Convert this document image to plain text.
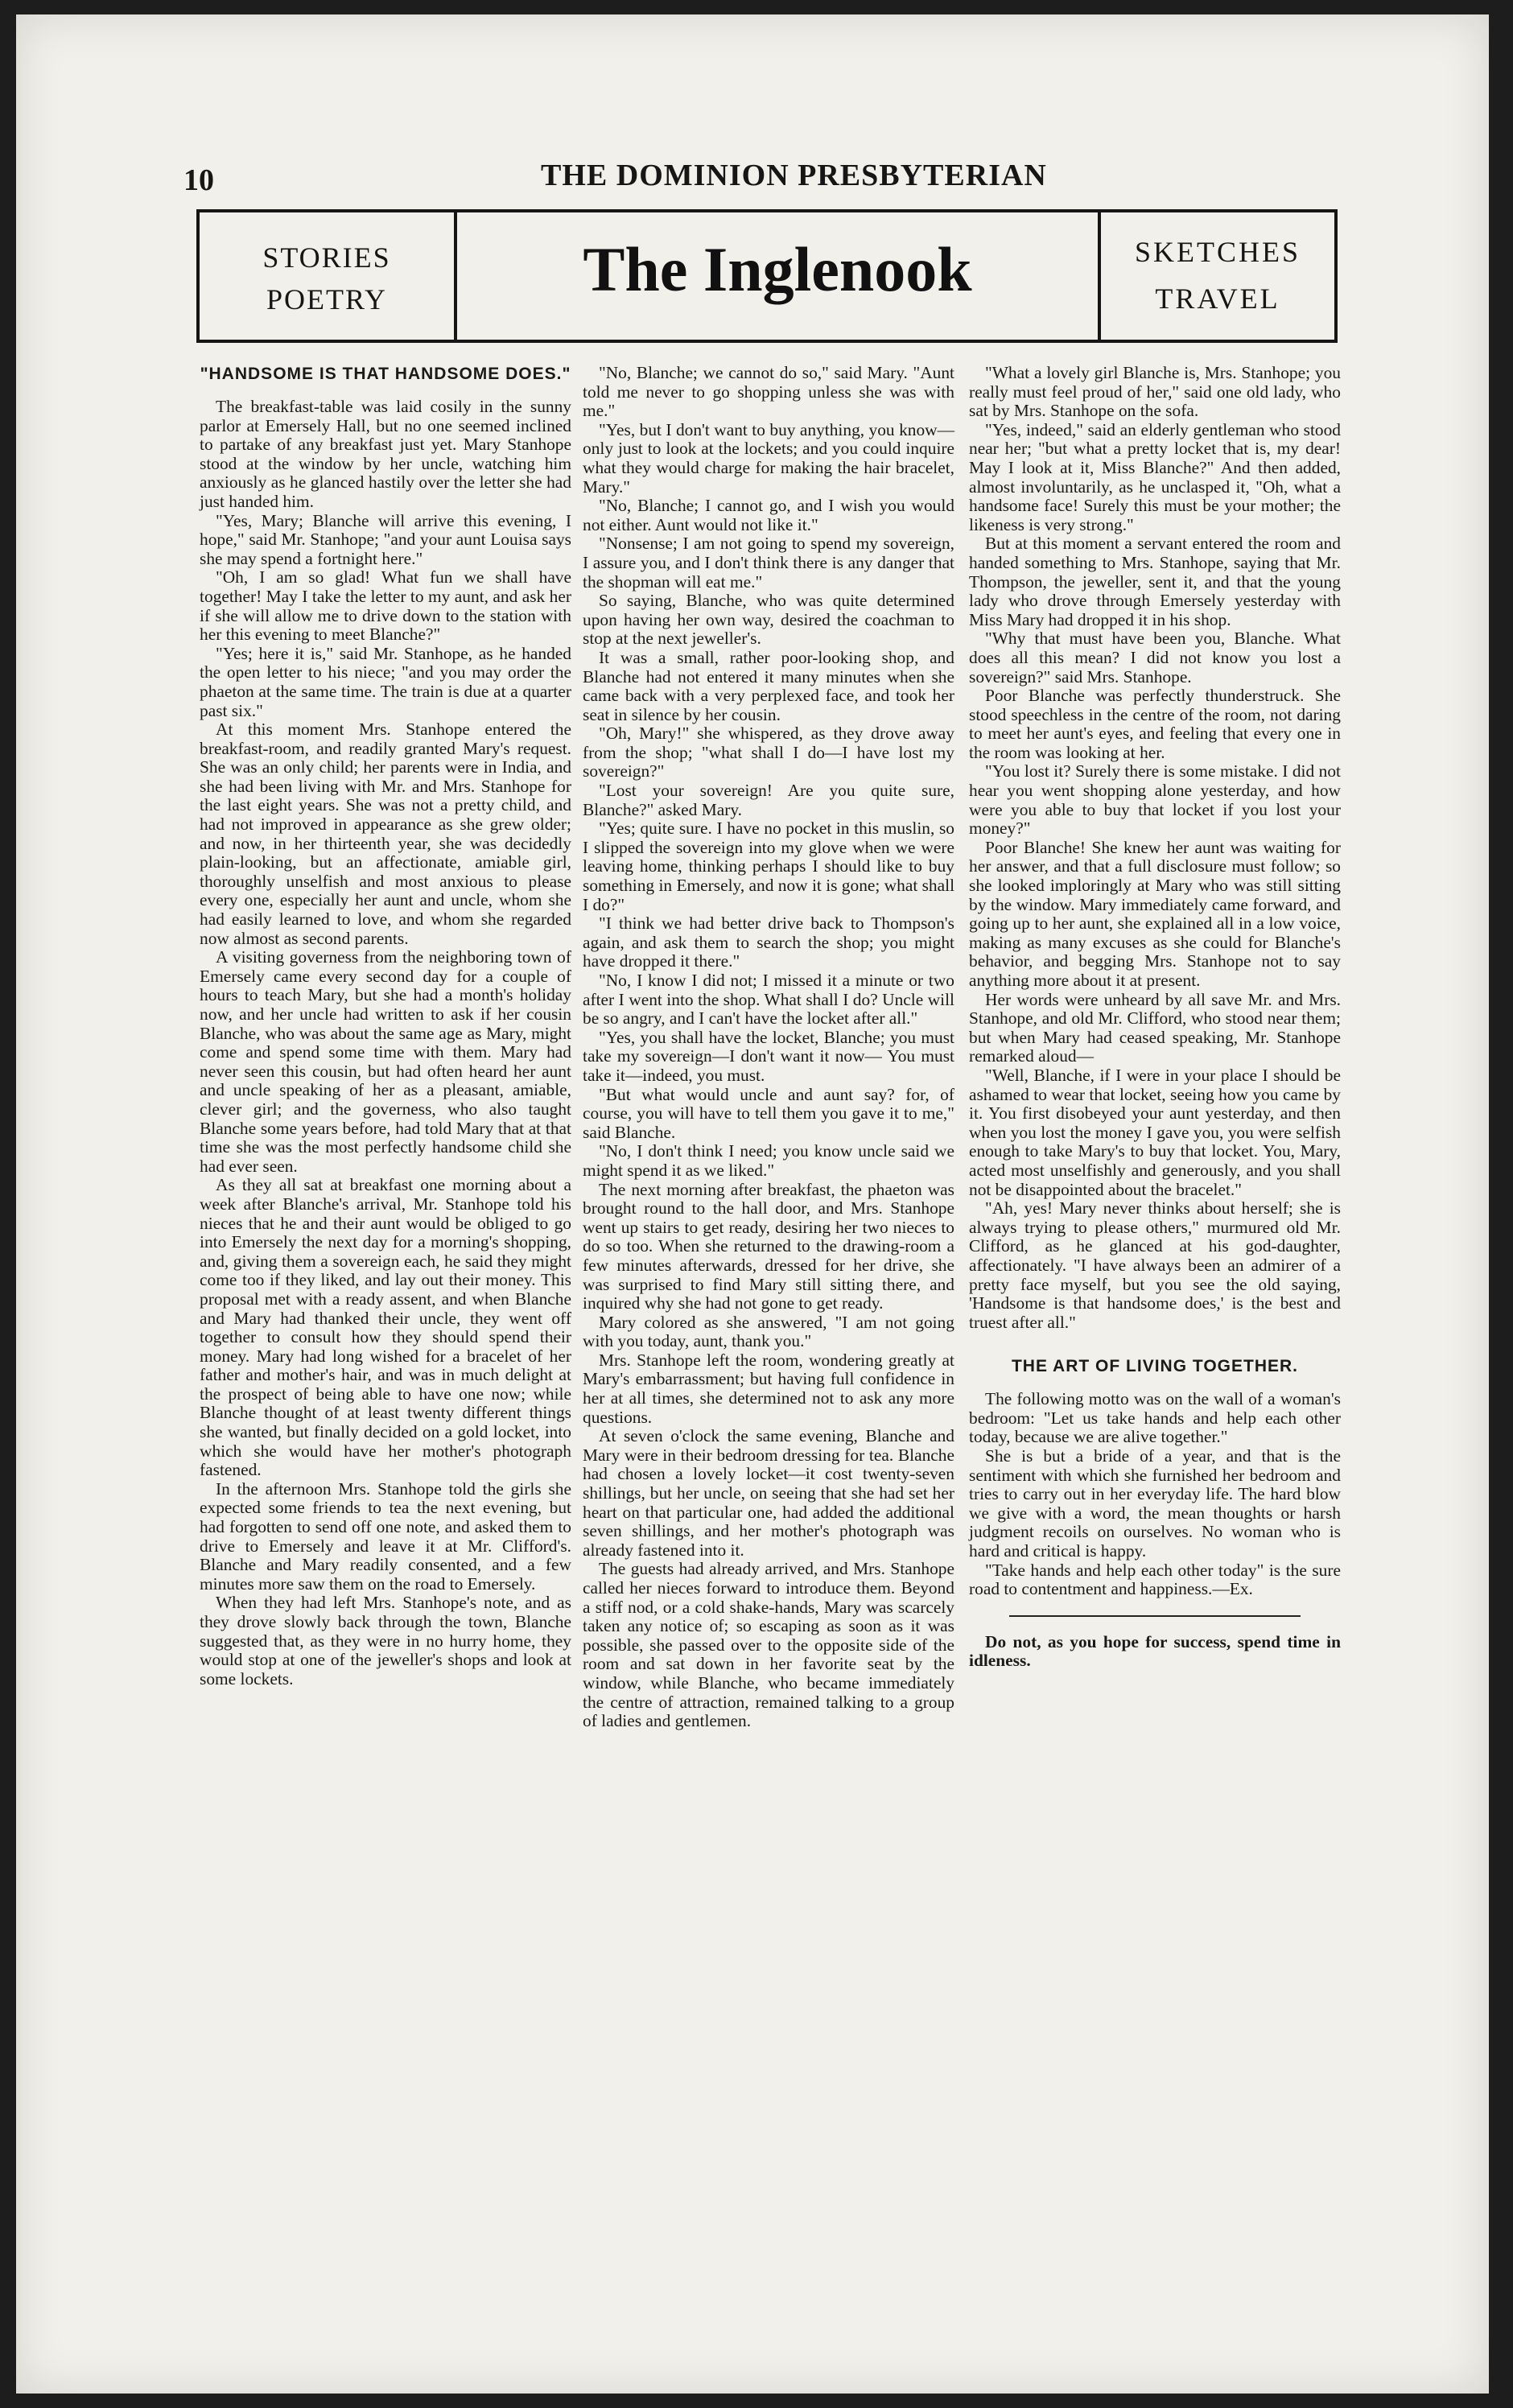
10	THE DOMINION PRESBYTERIAN
STORIES
POETRY	The Inglenook	SKETCHES
TRAVEL
"HANDSOME IS THAT HANDSOME DOES."

The breakfast-table was laid cosily in the sunny parlor at Emersely Hall, but no one seemed inclined to partake of any breakfast just yet. Mary Stanhope stood at the window by her uncle, watching him anxiously as he glanced hastily over the letter she had just handed him.

"Yes, Mary; Blanche will arrive this evening, I hope," said Mr. Stanhope; "and your aunt Louisa says she may spend a fortnight here."

"Oh, I am so glad! What fun we shall have together! May I take the letter to my aunt, and ask her if she will allow me to drive down to the station with her this evening to meet Blanche?"

"Yes; here it is," said Mr. Stanhope, as he handed the open letter to his niece; "and you may order the phaeton at the same time. The train is due at a quarter past six."

At this moment Mrs. Stanhope entered the breakfast-room, and readily granted Mary's request. She was an only child; her parents were in India, and she had been living with Mr. and Mrs. Stanhope for the last eight years. She was not a pretty child, and had not improved in appearance as she grew older; and now, in her thirteenth year, she was decidedly plain-looking, but an affectionate, amiable girl, thoroughly unselfish and most anxious to please every one, especially her aunt and uncle, whom she had easily learned to love, and whom she regarded now almost as second parents.

A visiting governess from the neighboring town of Emersely came every second day for a couple of hours to teach Mary, but she had a month's holiday now, and her uncle had written to ask if her cousin Blanche, who was about the same age as Mary, might come and spend some time with them. Mary had never seen this cousin, but had often heard her aunt and uncle speaking of her as a pleasant, amiable, clever girl; and the governess, who also taught Blanche some years before, had told Mary that at that time she was the most perfectly handsome child she had ever seen.

As they all sat at breakfast one morning about a week after Blanche's arrival, Mr. Stanhope told his nieces that he and their aunt would be obliged to go into Emersely the next day for a morning's shopping, and, giving them a sovereign each, he said they might come too if they liked, and lay out their money. This proposal met with a ready assent, and when Blanche and Mary had thanked their uncle, they went off together to consult how they should spend their money. Mary had long wished for a bracelet of her father and mother's hair, and was in much delight at the prospect of being able to have one now; while Blanche thought of at least twenty different things she wanted, but finally decided on a gold locket, into which she would have her mother's photograph fastened.

In the afternoon Mrs. Stanhope told the girls she expected some friends to tea the next evening, but had forgotten to send off one note, and asked them to drive to Emersely and leave it at Mr. Clifford's. Blanche and Mary readily consented, and a few minutes more saw them on the road to Emersely.

When they had left Mrs. Stanhope's note, and as they drove slowly back through the town, Blanche suggested that, as they were in no hurry home, they would stop at one of the jeweller's shops and look at some lockets.

"No, Blanche; we cannot do so," said Mary. "Aunt told me never to go shopping unless she was with me."

"Yes, but I don't want to buy anything, you know—only just to look at the lockets; and you could inquire what they would charge for making the hair bracelet, Mary."

"No, Blanche; I cannot go, and I wish you would not either. Aunt would not like it."

"Nonsense; I am not going to spend my sovereign, I assure you, and I don't think there is any danger that the shopman will eat me."

So saying, Blanche, who was quite determined upon having her own way, desired the coachman to stop at the next jeweller's.

It was a small, rather poor-looking shop, and Blanche had not entered it many minutes when she came back with a very perplexed face, and took her seat in silence by her cousin.

"Oh, Mary!" she whispered, as they drove away from the shop; "what shall I do—I have lost my sovereign?"

"Lost your sovereign! Are you quite sure, Blanche?" asked Mary.

"Yes; quite sure. I have no pocket in this muslin, so I slipped the sovereign into my glove when we were leaving home, thinking perhaps I should like to buy something in Emersely, and now it is gone; what shall I do?"

"I think we had better drive back to Thompson's again, and ask them to search the shop; you might have dropped it there."

"No, I know I did not; I missed it a minute or two after I went into the shop. What shall I do? Uncle will be so angry, and I can't have the locket after all."

"Yes, you shall have the locket, Blanche; you must take my sovereign—I don't want it now— You must take it—indeed, you must.

"But what would uncle and aunt say? for, of course, you will have to tell them you gave it to me," said Blanche.

"No, I don't think I need; you know uncle said we might spend it as we liked."

The next morning after breakfast, the phaeton was brought round to the hall door, and Mrs. Stanhope went up stairs to get ready, desiring her two nieces to do so too. When she returned to the drawing-room a few minutes afterwards, dressed for her drive, she was surprised to find Mary still sitting there, and inquired why she had not gone to get ready.

Mary colored as she answered, "I am not going with you today, aunt, thank you."

Mrs. Stanhope left the room, wondering greatly at Mary's embarrassment; but having full confidence in her at all times, she determined not to ask any more questions.

At seven o'clock the same evening, Blanche and Mary were in their bedroom dressing for tea. Blanche had chosen a lovely locket—it cost twenty-seven shillings, but her uncle, on seeing that she had set her heart on that particular one, had added the additional seven shillings, and her mother's photograph was already fastened into it.

The guests had already arrived, and Mrs. Stanhope called her nieces forward to introduce them. Beyond a stiff nod, or a cold shake-hands, Mary was scarcely taken any notice of; so escaping as soon as it was possible, she passed over to the opposite side of the room and sat down in her favorite seat by the window, while Blanche, who became immediately the centre of attraction, remained talking to a group of ladies and gentlemen.

"What a lovely girl Blanche is, Mrs. Stanhope; you really must feel proud of her," said one old lady, who sat by Mrs. Stanhope on the sofa.

"Yes, indeed," said an elderly gentleman who stood near her; "but what a pretty locket that is, my dear! May I look at it, Miss Blanche?" And then added, almost involuntarily, as he unclasped it, "Oh, what a handsome face! Surely this must be your mother; the likeness is very strong."

But at this moment a servant entered the room and handed something to Mrs. Stanhope, saying that Mr. Thompson, the jeweller, sent it, and that the young lady who drove through Emersely yesterday with Miss Mary had dropped it in his shop.

"Why that must have been you, Blanche. What does all this mean? I did not know you lost a sovereign?" said Mrs. Stanhope.

Poor Blanche was perfectly thunderstruck. She stood speechless in the centre of the room, not daring to meet her aunt's eyes, and feeling that every one in the room was looking at her.

"You lost it? Surely there is some mistake. I did not hear you went shopping alone yesterday, and how were you able to buy that locket if you lost your money?"

Poor Blanche! She knew her aunt was waiting for her answer, and that a full disclosure must follow; so she looked imploringly at Mary who was still sitting by the window. Mary immediately came forward, and going up to her aunt, she explained all in a low voice, making as many excuses as she could for Blanche's behavior, and begging Mrs. Stanhope not to say anything more about it at present.

Her words were unheard by all save Mr. and Mrs. Stanhope, and old Mr. Clifford, who stood near them; but when Mary had ceased speaking, Mr. Stanhope remarked aloud—

"Well, Blanche, if I were in your place I should be ashamed to wear that locket, seeing how you came by it. You first disobeyed your aunt yesterday, and then when you lost the money I gave you, you were selfish enough to take Mary's to buy that locket. You, Mary, acted most unselfishly and generously, and you shall not be disappointed about the bracelet."

"Ah, yes! Mary never thinks about herself; she is always trying to please others," murmured old Mr. Clifford, as he glanced at his god-daughter, affectionately. "I have always been an admirer of a pretty face myself, but you see the old saying, 'Handsome is that handsome does,' is the best and truest after all."

THE ART OF LIVING TOGETHER.

The following motto was on the wall of a woman's bedroom: "Let us take hands and help each other today, because we are alive together."

She is but a bride of a year, and that is the sentiment with which she furnished her bedroom and tries to carry out in her everyday life. The hard blow we give with a word, the mean thoughts or harsh judgment recoils on ourselves. No woman who is hard and critical is happy.

"Take hands and help each other today" is the sure road to contentment and happiness.—Ex.

Do not, as you hope for success, spend time in idleness.
